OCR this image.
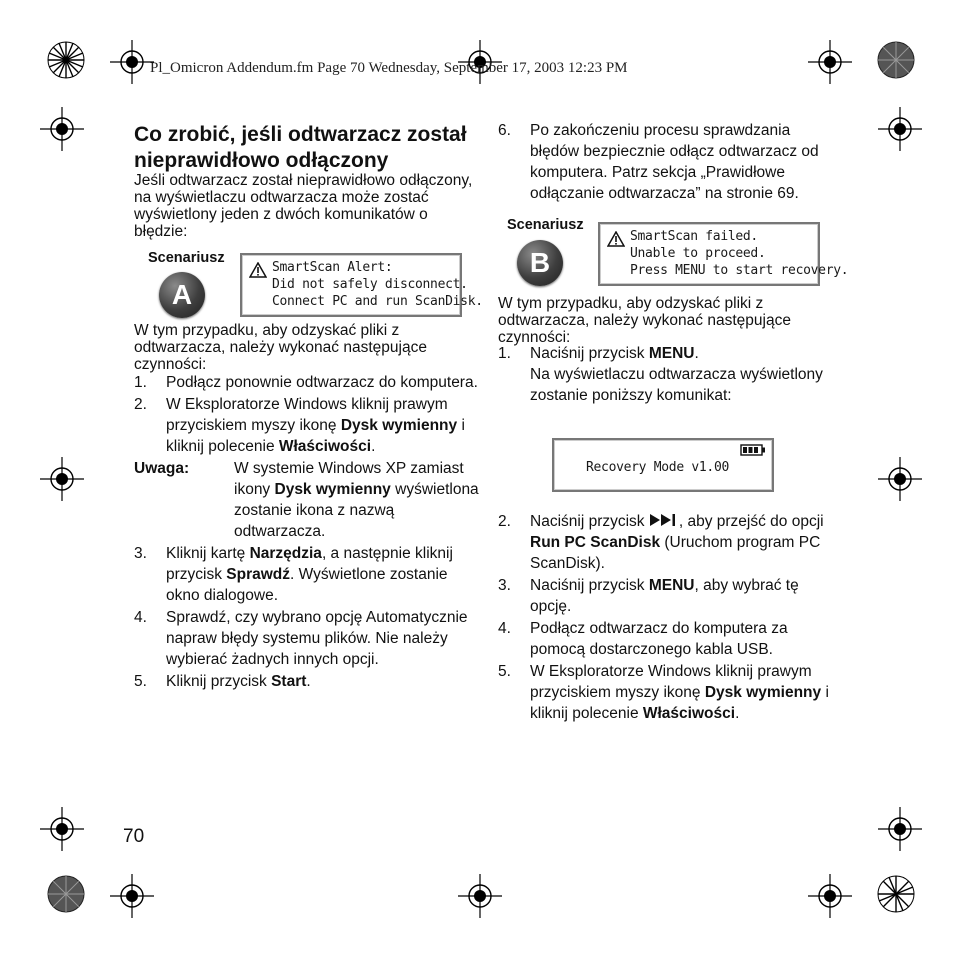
Pl_Omicron Addendum.fm Page 70 Wednesday, September 17, 2003 12:23 PM
Co zrobić, jeśli odtwarzacz został nieprawidłowo odłączony
Jeśli odtwarzacz został nieprawidłowo odłączony, na wyświetlaczu odtwarzacza może zostać wyświetlony jeden z dwóch komunikatów o błędzie:
Scenariusz
A
SmartScan Alert:
Did not safely disconnect.
Connect PC and run ScanDisk.
W tym przypadku, aby odzyskać pliki z odtwarzacza, należy wykonać następujące czynności:
1. Podłącz ponownie odtwarzacz do komputera.
2. W Eksploratorze Windows kliknij prawym przyciskiem myszy ikonę Dysk wymienny i kliknij polecenie Właściwości.
Uwaga:	W systemie Windows XP zamiast ikony Dysk wymienny wyświetlona zostanie ikona z nazwą odtwarzacza.
3. Kliknij kartę Narzędzia, a następnie kliknij przycisk Sprawdź. Wyświetlone zostanie okno dialogowe.
4. Sprawdź, czy wybrano opcję Automatycznie napraw błędy systemu plików. Nie należy wybierać żadnych innych opcji.
5. Kliknij przycisk Start.
6. Po zakończeniu procesu sprawdzania błędów bezpiecznie odłącz odtwarzacz od komputera. Patrz sekcja „Prawidłowe odłączanie odtwarzacza” na stronie 69.
Scenariusz
B
SmartScan failed.
Unable to proceed.
Press MENU to start recovery.
W tym przypadku, aby odzyskać pliki z odtwarzacza, należy wykonać następujące czynności:
1. Naciśnij przycisk MENU.
Na wyświetlaczu odtwarzacza wyświetlony zostanie poniższy komunikat:
Recovery Mode v1.00
2. Naciśnij przycisk , aby przejść do opcji Run PC ScanDisk (Uruchom program PC ScanDisk).
3. Naciśnij przycisk MENU, aby wybrać tę opcję.
4. Podłącz odtwarzacz do komputera za pomocą dostarczonego kabla USB.
5. W Eksploratorze Windows kliknij prawym przyciskiem myszy ikonę Dysk wymienny i kliknij polecenie Właściwości.
70
